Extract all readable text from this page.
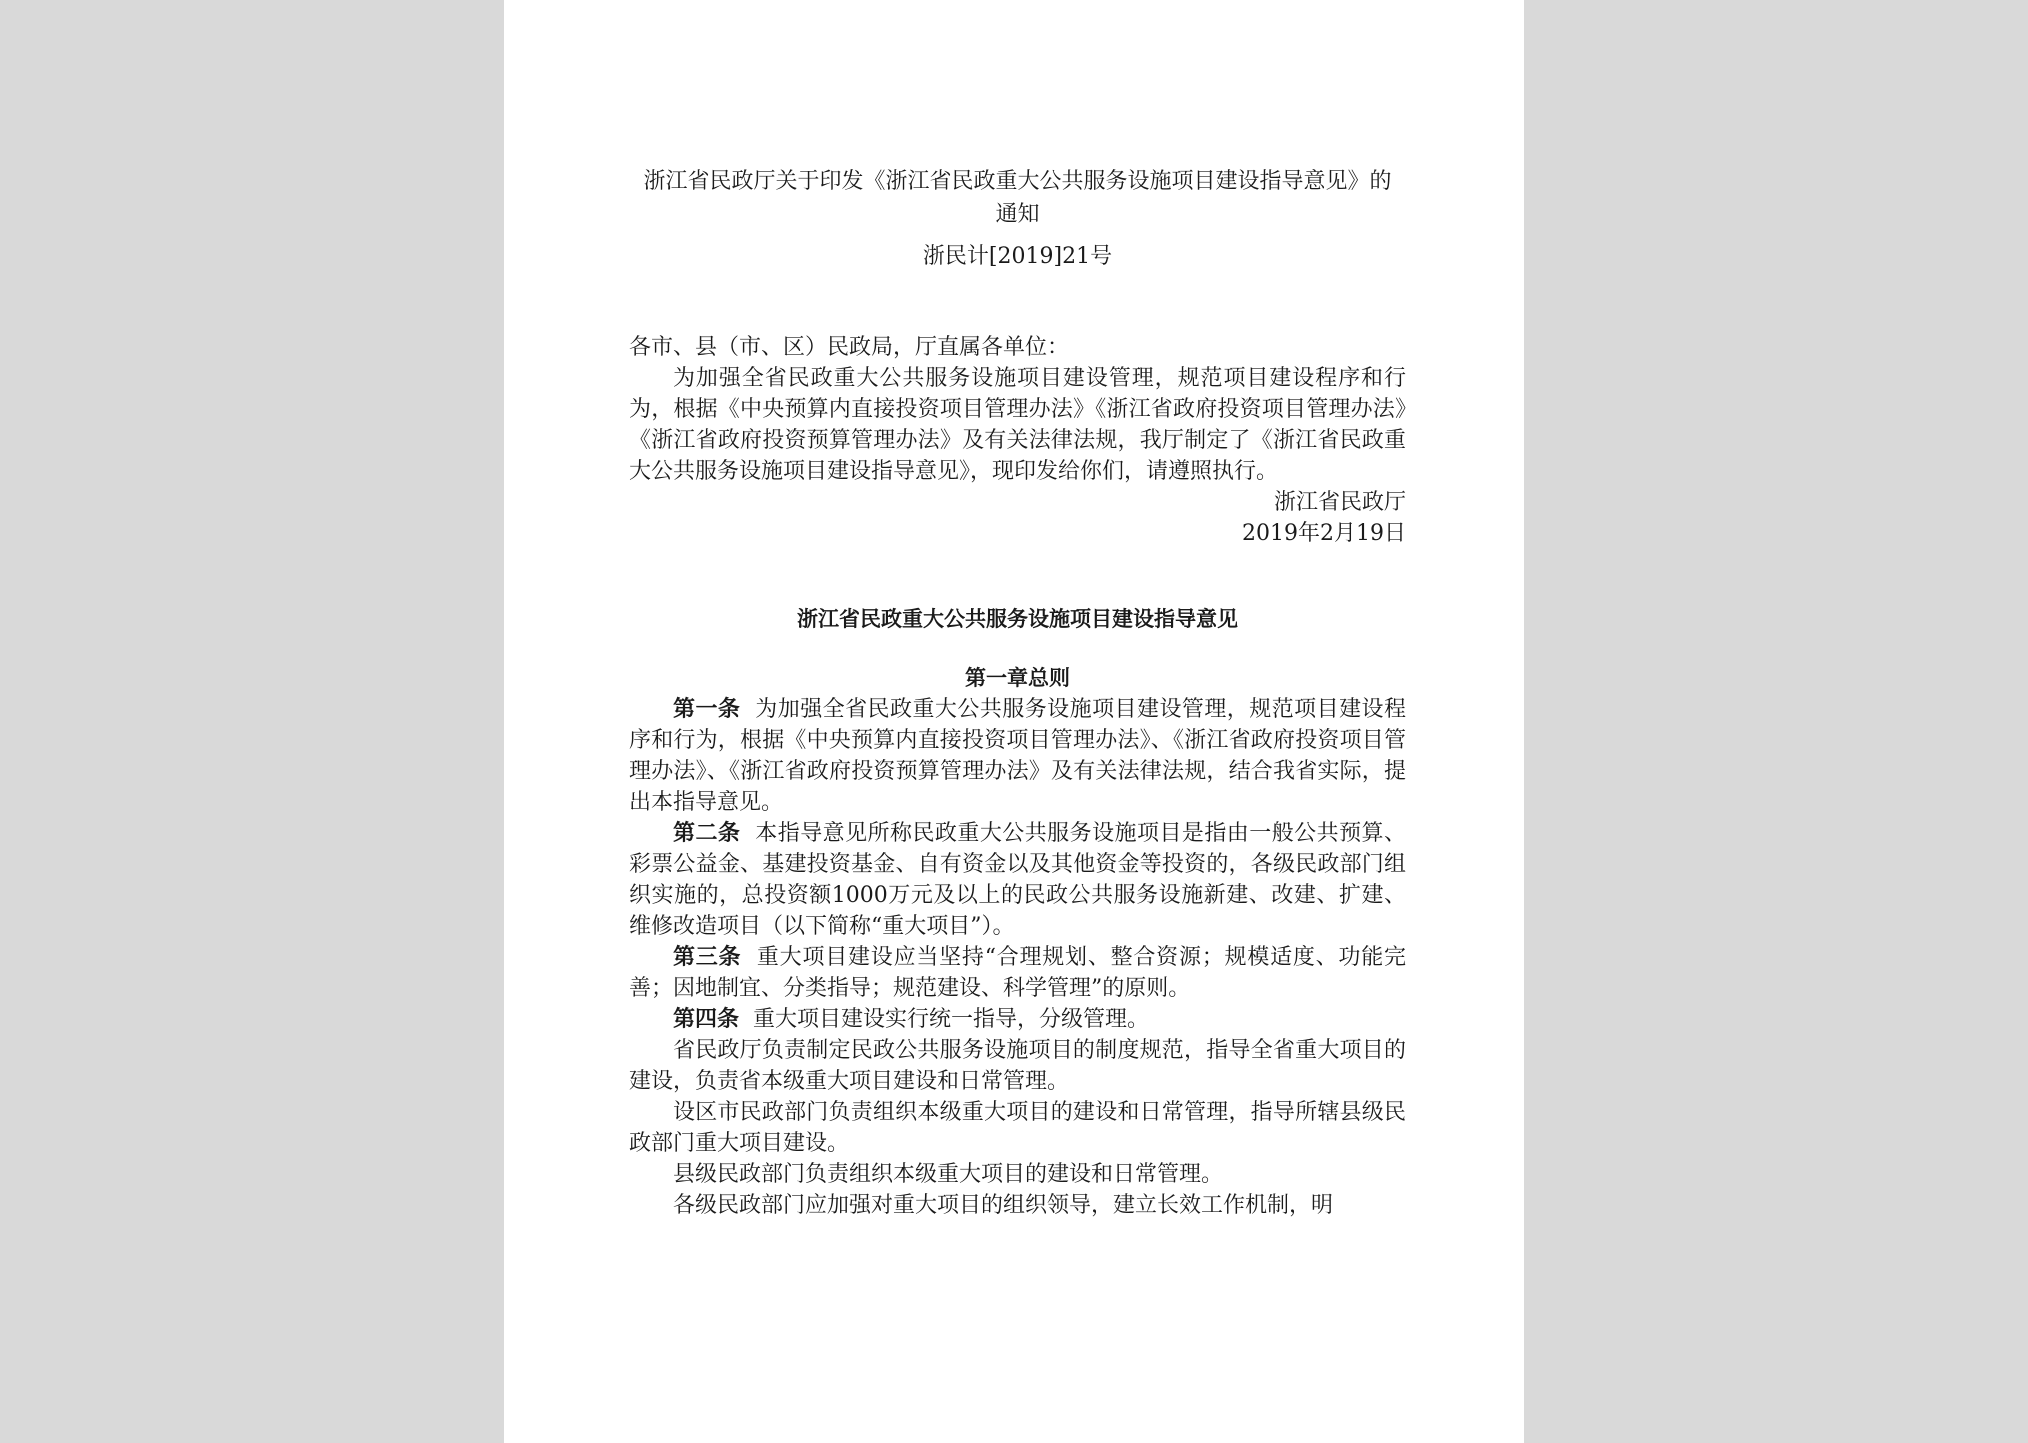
浙江省民政厅关于印发《浙江省民政重大公共服务设施项目建设指导意见》的通知
浙民计[2019]21号
各市、县（市、区）民政局，厅直属各单位：
为加强全省民政重大公共服务设施项目建设管理，规范项目建设程序和行为，根据《中央预算内直接投资项目管理办法》《浙江省政府投资项目管理办法》《浙江省政府投资预算管理办法》及有关法律法规，我厅制定了《浙江省民政重大公共服务设施项目建设指导意见》，现印发给你们，请遵照执行。
浙江省民政厅
2019年2月19日
浙江省民政重大公共服务设施项目建设指导意见
第一章总则
第一条 为加强全省民政重大公共服务设施项目建设管理，规范项目建设程序和行为，根据《中央预算内直接投资项目管理办法》、《浙江省政府投资项目管理办法》、《浙江省政府投资预算管理办法》及有关法律法规，结合我省实际，提出本指导意见。
第二条 本指导意见所称民政重大公共服务设施项目是指由一般公共预算、彩票公益金、基建投资基金、自有资金以及其他资金等投资的，各级民政部门组织实施的，总投资额1000万元及以上的民政公共服务设施新建、改建、扩建、维修改造项目（以下简称“重大项目”）。
第三条 重大项目建设应当坚持“合理规划、整合资源；规模适度、功能完善；因地制宜、分类指导；规范建设、科学管理”的原则。
第四条 重大项目建设实行统一指导，分级管理。
省民政厅负责制定民政公共服务设施项目的制度规范，指导全省重大项目的建设，负责省本级重大项目建设和日常管理。
设区市民政部门负责组织本级重大项目的建设和日常管理，指导所辖县级民政部门重大项目建设。
县级民政部门负责组织本级重大项目的建设和日常管理。
各级民政部门应加强对重大项目的组织领导，建立长效工作机制，明
